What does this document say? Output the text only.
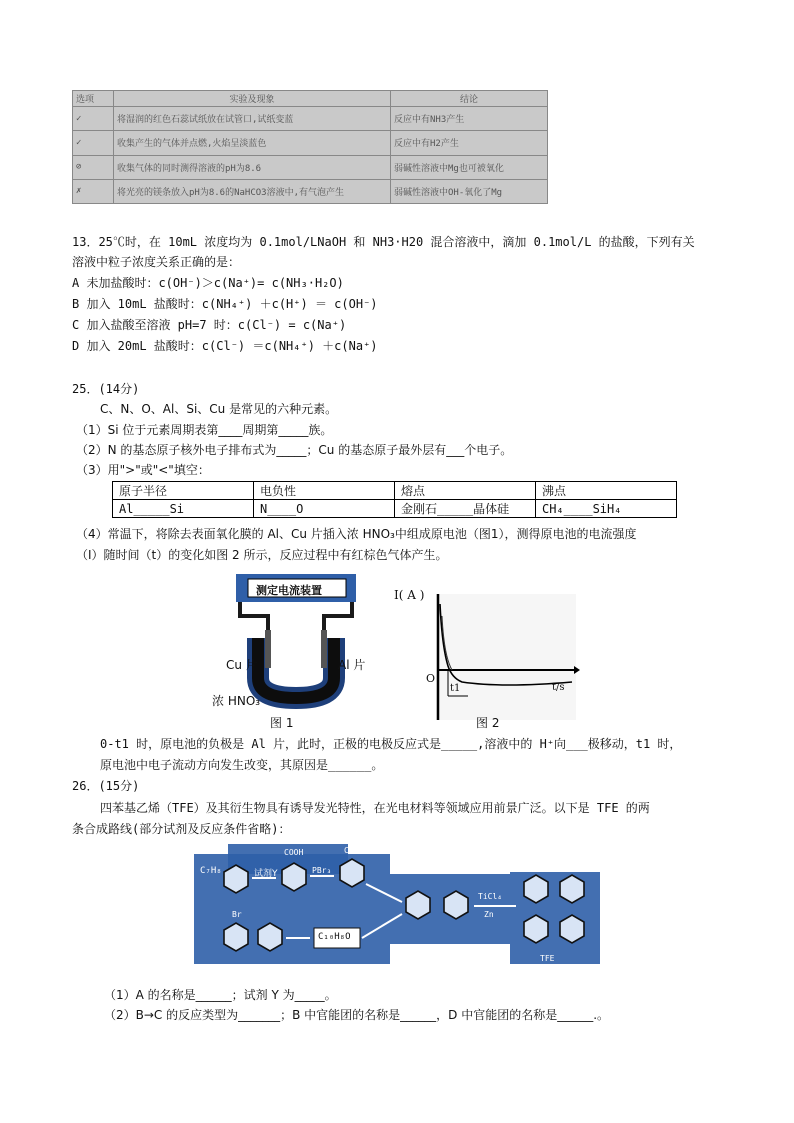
选项	实验及现象	结论
✓	将湿润的红色石蕊试纸放在试管口,试纸变蓝	反应中有NH3产生
✓	收集产生的气体并点燃,火焰呈淡蓝色	反应中有H2产生
⊘	收集气体的同时测得溶液的pH为8.6	弱碱性溶液中Mg也可被氧化
✗	将光亮的镁条放入pH为8.6的NaHCO3溶液中,有气泡产生	弱碱性溶液中OH-氧化了Mg
13．25℃时，在 10mL 浓度均为 0.1mol/LNaOH 和 NH3·H20 混合溶液中，滴加 0.1mol/L 的盐酸，下列有关
溶液中粒子浓度关系正确的是：
A 未加盐酸时：c(OH⁻)＞c(Na⁺)= c(NH₃·H₂O)
B 加入 10mL 盐酸时：c(NH₄⁺) ＋c(H⁺) ＝ c(OH⁻)
C 加入盐酸至溶液 pH=7 时：c(Cl⁻) = c(Na⁺)
D 加入 20mL 盐酸时：c(Cl⁻) ＝c(NH₄⁺) ＋c(Na⁺)
25．(14分)
C、N、O、Al、Si、Cu 是常见的六种元素。
（1）Si 位于元素周期表第____周期第_____族。
（2）N 的基态原子核外电子排布式为_____；Cu 的基态原子最外层有___个电子。
（3）用">"或"<"填空：
原子半径	电负性	熔点	沸点
Al_____Si	N____O	金刚石_____晶体硅	CH₄____SiH₄
（4）常温下，将除去表面氧化膜的 Al、Cu 片插入浓 HNO₃中组成原电池（图1），测得原电池的电流强度
（I）随时间（t）的变化如图 2 所示，反应过程中有红棕色气体产生。
测定电流装置
Cu 片	Al 片
浓 HNO₃
图 1
I( A )
O
t1	t/s
图 2
0-t1 时，原电池的负极是 Al 片，此时，正极的电极反应式是_____,溶液中的 H⁺向___极移动，t1 时，
原电池中电子流动方向发生改变，其原因是______。
26．(15分)
四苯基乙烯（TFE）及其衍生物具有诱导发光特性，在光电材料等领域应用前景广泛。以下是 TFE 的两
条合成路线(部分试剂及反应条件省略)：
C₇H₈	试剂Y
COOH
PBr₃
COBr
TiCl₄
Zn
C₁₀H₈O
Br
TFE
（1）A 的名称是______；试剂 Y 为_____。
（2）B→C 的反应类型为_______；B 中官能团的名称是______，D 中官能团的名称是______.。
